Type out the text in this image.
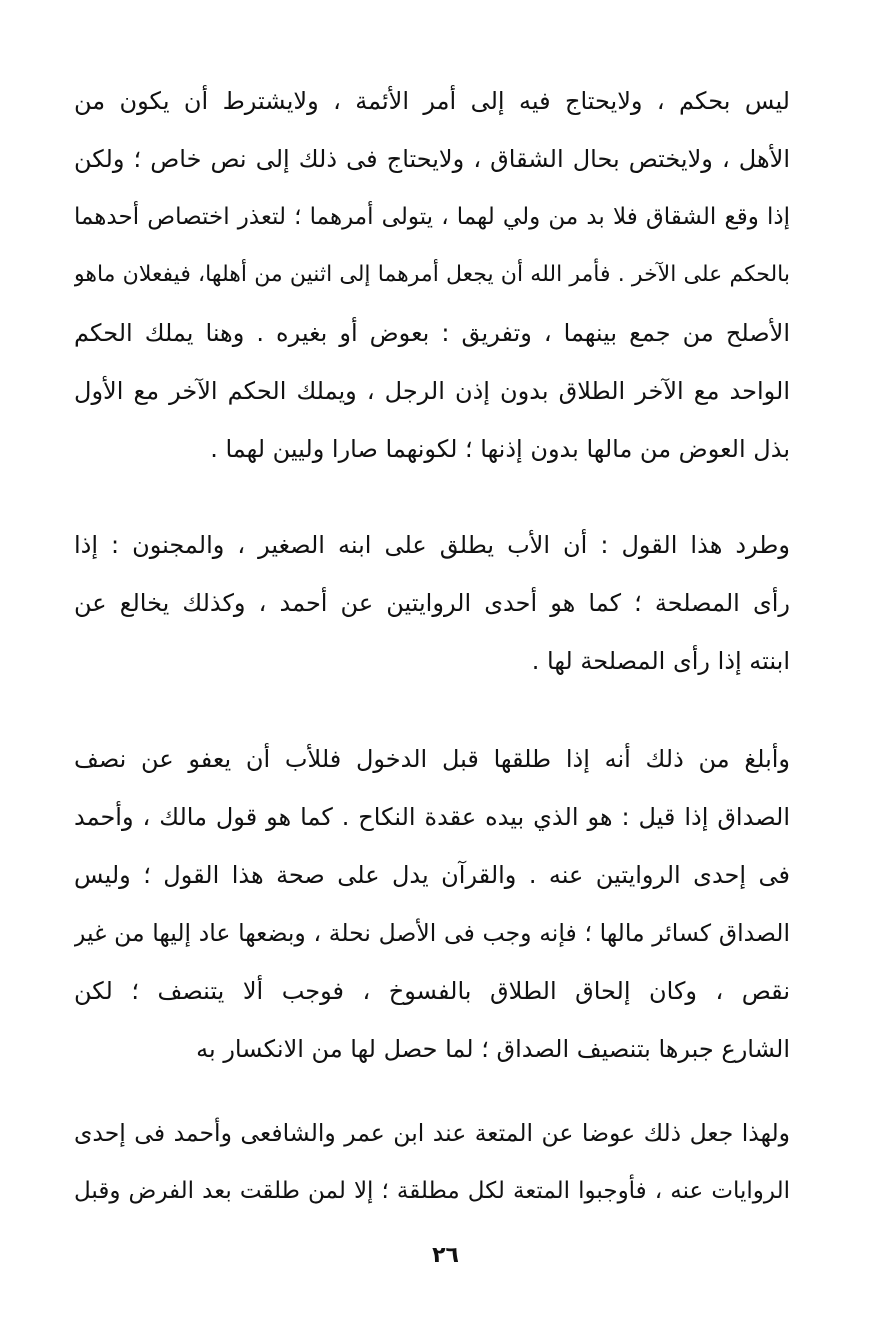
ليس بحكم ، ولايحتاج فيه إلى أمر الأئمة ، ولايشترط أن يكون من
الأهل ، ولايختص بحال الشقاق ، ولايحتاج فى ذلك إلى نص خاص ؛ ولكن
إذا وقع الشقاق فلا بد من ولي لهما ، يتولى أمرهما ؛ لتعذر اختصاص أحدهما
بالحكم على الآخر . فأمر الله أن يجعل أمرهما إلى اثنين من أهلها، فيفعلان ماهو
الأصلح من جمع بينهما ، وتفريق : بعوض أو بغيره . وهنا يملك الحكم
الواحد مع الآخر الطلاق بدون إذن الرجل ، ويملك الحكم الآخر مع الأول
بذل العوض من مالها بدون إذنها ؛ لكونهما صارا وليين لهما .
وطرد هذا القول : أن الأب يطلق على ابنه الصغير ، والمجنون : إذا
رأى المصلحة ؛ كما هو أحدى الروايتين عن أحمد ، وكذلك يخالع عن
ابنته إذا رأى المصلحة لها .
وأبلغ من ذلك أنه إذا طلقها قبل الدخول فللأب أن يعفو عن نصف
الصداق إذا قيل : هو الذي بيده عقدة النكاح . كما هو قول مالك ، وأحمد
فى إحدى الروايتين عنه . والقرآن يدل على صحة هذا القول ؛ وليس
الصداق كسائر مالها ؛ فإنه وجب فى الأصل نحلة ، وبضعها عاد إليها من غير
نقص ، وكان إلحاق الطلاق بالفسوخ ، فوجب ألا يتنصف ؛ لكن
الشارع جبرها بتنصيف الصداق ؛ لما حصل لها من الانكسار به
ولهذا جعل ذلك عوضا عن المتعة عند ابن عمر والشافعى وأحمد فى إحدى
الروايات عنه ، فأوجبوا المتعة لكل مطلقة ؛ إلا لمن طلقت بعد الفرض وقبل
٢٦
